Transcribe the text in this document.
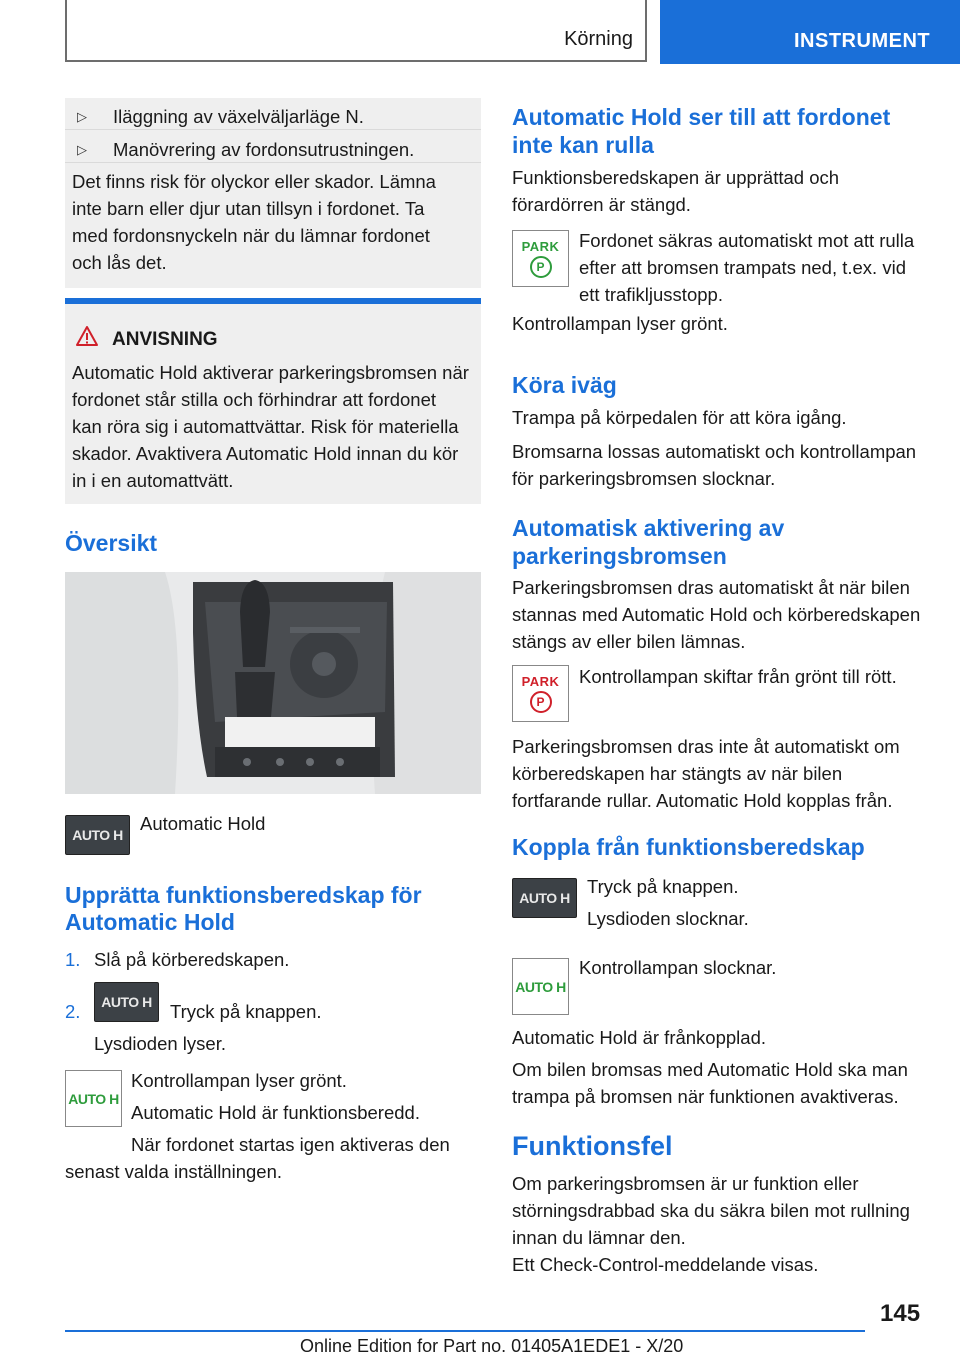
Körning	INSTRUMENT
▷	Iläggning av växelväljarläge N.
▷	Manövrering av fordonsutrustningen.
Det finns risk för olyckor eller skador. Lämna inte barn eller djur utan tillsyn i fordonet. Ta med fordonsnyckeln när du lämnar fordonet och lås det.
ANVISNING
Automatic Hold aktiverar parkeringsbromsen när fordonet står stilla och förhindrar att fordonet kan röra sig i automattvättar. Risk för materiella skador. Avaktivera Automatic Hold innan du kör in i en automattvätt.
Översikt
AUTO H
Automatic Hold
Upprätta funktionsberedskap för Automatic Hold
1. Slå på körberedskapen.
2. AUTO H Tryck på knappen.
Lysdioden lyser.
AUTO H
Kontrollampan lyser grönt.
Automatic Hold är funktionsberedd.
När fordonet startas igen aktiveras den senast valda inställningen.
Automatic Hold ser till att fordonet inte kan rulla
Funktionsberedskapen är upprättad och förardörren är stängd.
PARK
P
Fordonet säkras automatiskt mot att rulla efter att bromsen trampats ned, t.ex. vid ett trafikljusstopp.
Kontrollampan lyser grönt.
Köra iväg
Trampa på körpedalen för att köra igång.
Bromsarna lossas automatiskt och kontrollampan för parkeringsbromsen slocknar.
Automatisk aktivering av parkeringsbromsen
Parkeringsbromsen dras automatiskt åt när bilen stannas med Automatic Hold och körberedskapen stängs av eller bilen lämnas.
PARK
P
Kontrollampan skiftar från grönt till rött.
Parkeringsbromsen dras inte åt automatiskt om körberedskapen har stängts av när bilen fortfarande rullar. Automatic Hold kopplas från.
Koppla från funktionsberedskap
AUTO H
Tryck på knappen.
Lysdioden slocknar.
AUTO H
Kontrollampan slocknar.
Automatic Hold är frånkopplad.
Om bilen bromsas med Automatic Hold ska man trampa på bromsen när funktionen avaktiveras.
Funktionsfel
Om parkeringsbromsen är ur funktion eller störningsdrabbad ska du säkra bilen mot rullning innan du lämnar den.
Ett Check-Control-meddelande visas.
145
Online Edition for Part no. 01405A1EDE1 - X/20
